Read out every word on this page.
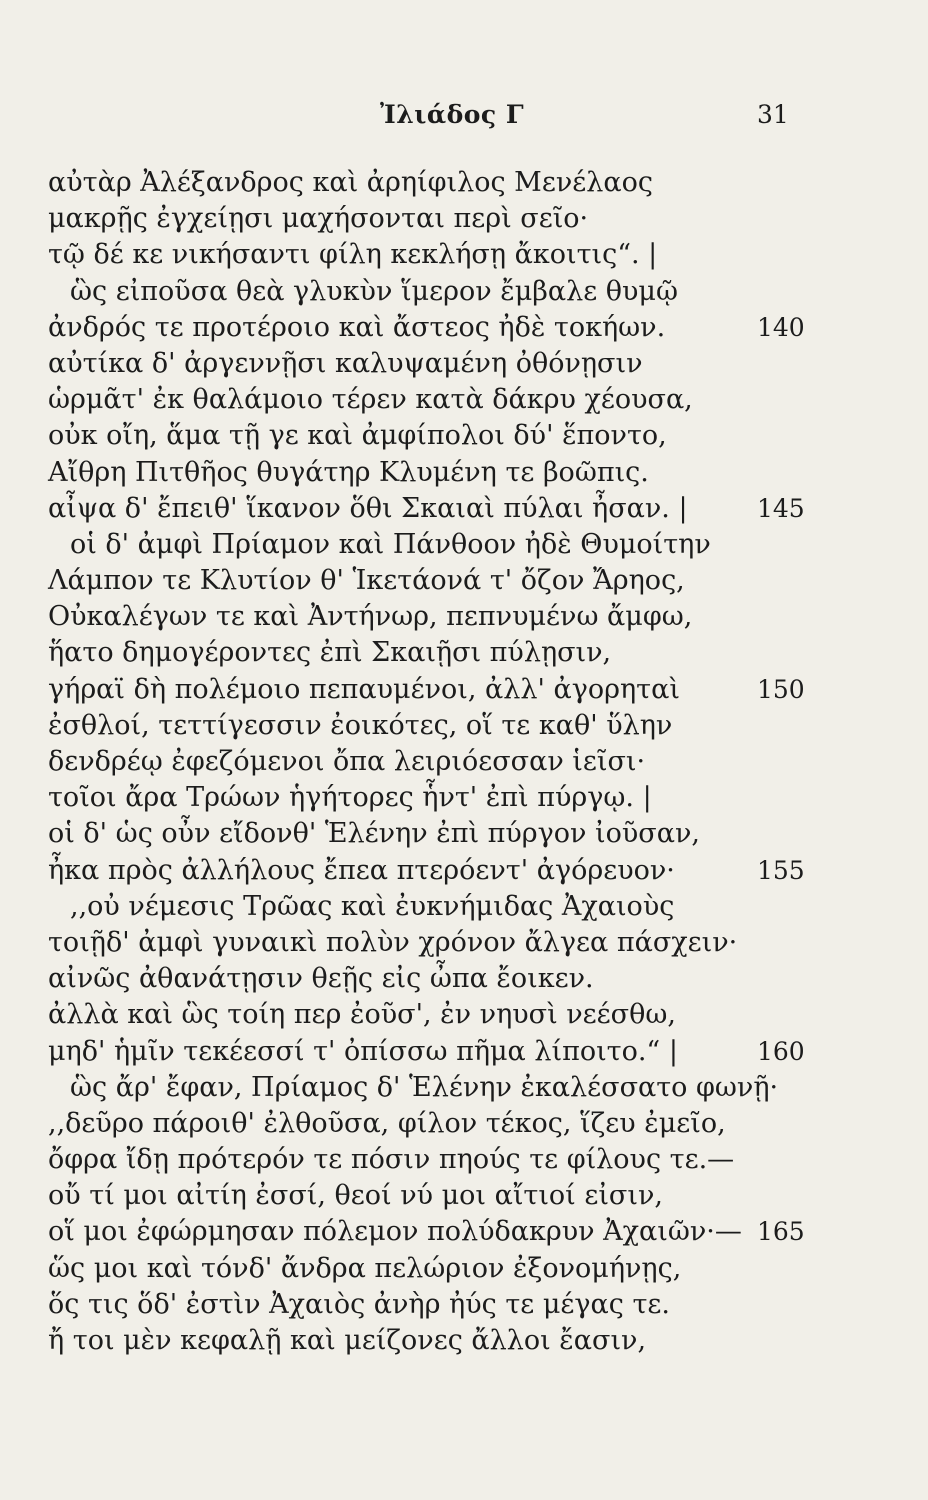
Ἰλιάδος Γ	31
αὐτὰρ Ἀλέξανδρος καὶ ἀρηίφιλος Μενέλαος
μακρῇς ἐγχείῃσι μαχήσονται περὶ σεῖο·
τῷ δέ κε νικήσαντι φίλη κεκλήσῃ ἄκοιτις“. |
ὣς εἰποῦσα θεὰ γλυκὺν ἵμερον ἔμβαλε θυμῷ
ἀνδρός τε προτέροιο καὶ ἄστεος ἠδὲ τοκήων.	140
αὐτίκα δ' ἀργεννῇσι καλυψαμένη ὀθόνῃσιν
ὡρμᾶτ' ἐκ θαλάμοιο τέρεν κατὰ δάκρυ χέουσα,
οὐκ οἴη, ἅμα τῇ γε καὶ ἀμφίπολοι δύ' ἕποντο,
Αἴθρη Πιτθῆος θυγάτηρ Κλυμένη τε βοῶπις.
αἶψα δ' ἔπειθ' ἵκανον ὅθι Σκαιαὶ πύλαι ἦσαν. |	145
οἱ δ' ἀμφὶ Πρίαμον καὶ Πάνθοον ἠδὲ Θυμοίτην
Λάμπον τε Κλυτίον θ' Ἱκετάονά τ' ὄζον Ἄρηος,
Οὐκαλέγων τε καὶ Ἀντήνωρ, πεπνυμένω ἄμφω,
ἥατο δημογέροντες ἐπὶ Σκαιῇσι πύλῃσιν,
γήραϊ δὴ πολέμοιο πεπαυμένοι, ἀλλ' ἀγορηταὶ	150
ἐσθλοί, τεττίγεσσιν ἐοικότες, οἵ τε καθ' ὕλην
δενδρέῳ ἐφεζόμενοι ὄπα λειριόεσσαν ἱεῖσι·
τοῖοι ἄρα Τρώων ἡγήτορες ἧντ' ἐπὶ πύργῳ. |
οἱ δ' ὡς οὖν εἴδονθ' Ἑλένην ἐπὶ πύργον ἰοῦσαν,
ἦκα πρὸς ἀλλήλους ἔπεα πτερόεντ' ἀγόρευον·	155
,,οὐ νέμεσις Τρῶας καὶ ἐυκνήμιδας Ἀχαιοὺς
τοιῇδ' ἀμφὶ γυναικὶ πολὺν χρόνον ἄλγεα πάσχειν·
αἰνῶς ἀθανάτῃσιν θεῇς εἰς ὦπα ἔοικεν.
ἀλλὰ καὶ ὣς τοίη περ ἐοῦσ', ἐν νηυσὶ νεέσθω,
μηδ' ἡμῖν τεκέεσσί τ' ὀπίσσω πῆμα λίποιτο.“ |	160
ὣς ἄρ' ἔφαν, Πρίαμος δ' Ἑλένην ἐκαλέσσατο φωνῇ·
,,δεῦρο πάροιθ' ἐλθοῦσα, φίλον τέκος, ἵζευ ἐμεῖο,
ὄφρα ἴδῃ πρότερόν τε πόσιν πηούς τε φίλους τε.—
οὔ τί μοι αἰτίη ἐσσί, θεοί νύ μοι αἴτιοί εἰσιν,
οἵ μοι ἐφώρμησαν πόλεμον πολύδακρυν Ἀχαιῶν·— 165
ὥς μοι καὶ τόνδ' ἄνδρα πελώριον ἐξονομήνῃς,
ὅς τις ὅδ' ἐστὶν Ἀχαιὸς ἀνὴρ ἠύς τε μέγας τε.
ἤ τοι μὲν κεφαλῇ καὶ μείζονες ἄλλοι ἔασιν,
